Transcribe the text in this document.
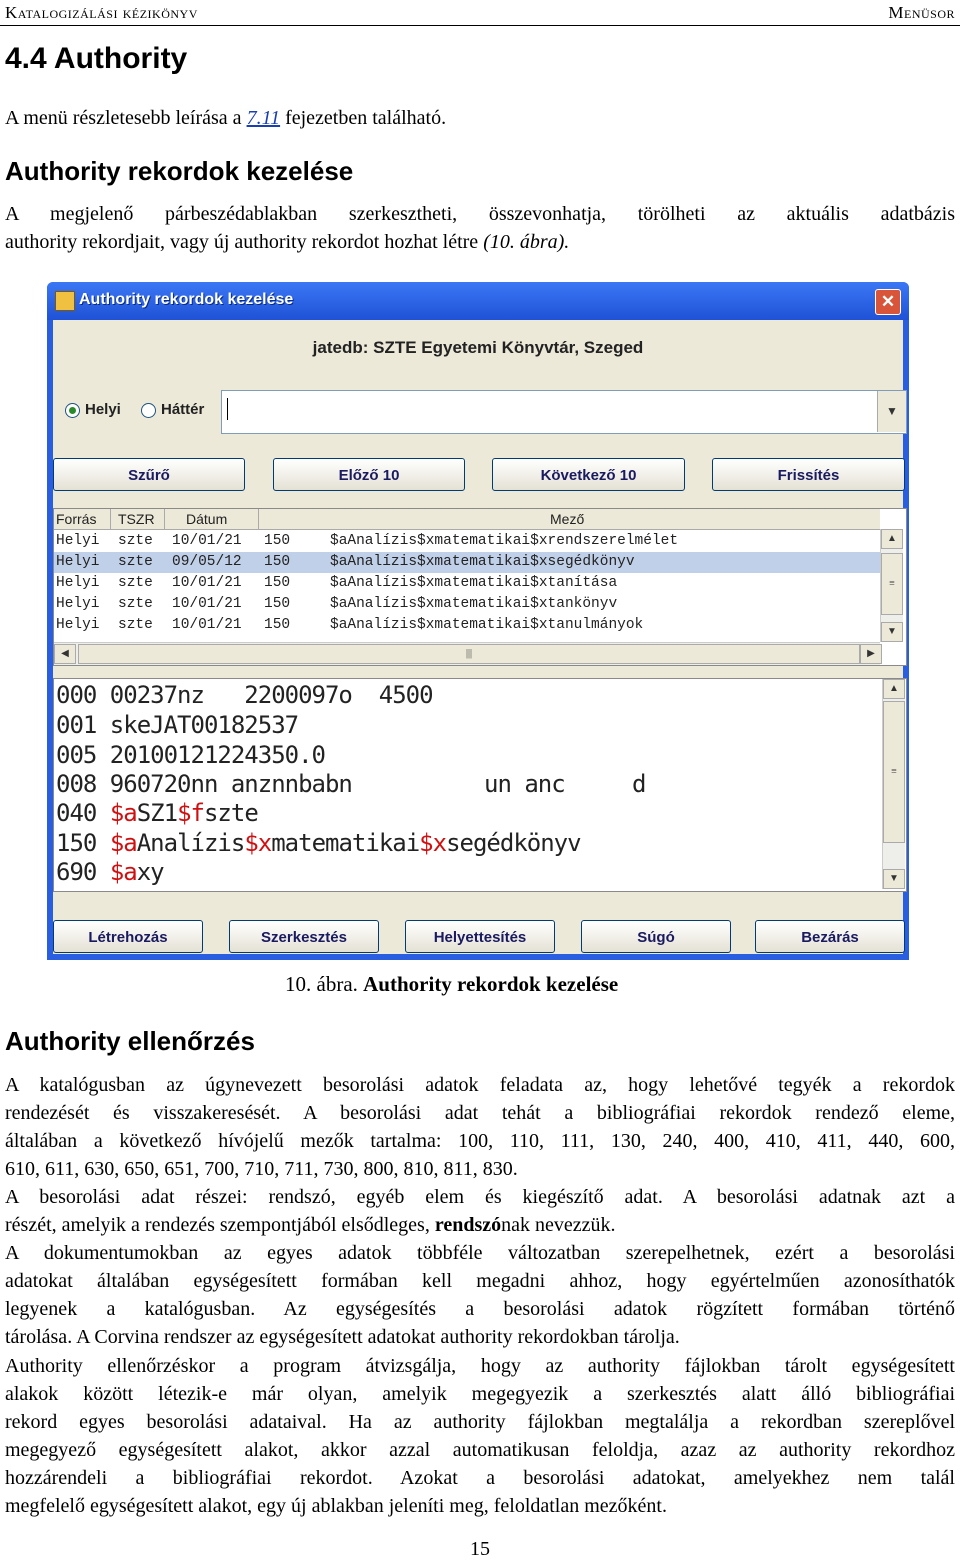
Katalogizálási kézikönyv	Menüsor
4.4 Authority
A menü részletesebb leírása a 7.11 fejezetben található.
Authority rekordok kezelése
A megjelenő párbeszédablakban szerkesztheti, összevonhatja, törölheti az aktuális adatbázis
authority rekordjait, vagy új authority rekordot hozhat létre (10. ábra).
Authority rekordok kezelése	✕
jatedb: SZTE Egyetemi Könyvtár, Szeged
Helyi	Háttér	▼
Szűrő	Előző 10	Következő 10	Frissítés
Forrás TSZR Dátum	Mező
Helyi szte 10/01/21 150	$aAnalízis$xmatematikai$xrendszerelmélet
Helyi szte 09/05/12 150	$aAnalízis$xmatematikai$xsegédkönyv
Helyi szte 10/01/21 150	$aAnalízis$xmatematikai$xtanítása
Helyi szte 10/01/21 150	$aAnalízis$xmatematikai$xtankönyv
Helyi szte 10/01/21 150	$aAnalízis$xmatematikai$xtanulmányok
▲
≡
▼
◀	|||	▶
000 00237nz   2200097o  4500
001 skeJAT00182537
005 20100121224350.0
008 960720nn anznnbabn	un anc	d
040 $aSZ1$fszte
150 $aAnalízis$xmatematikai$xsegédkönyv
690 $axy
▲
≡
▼
Létrehozás	Szerkesztés	Helyettesítés	Súgó	Bezárás
10. ábra. Authority rekordok kezelése
Authority ellenőrzés
A katalógusban az úgynevezett besorolási adatok feladata az, hogy lehetővé tegyék a rekordok
rendezését és visszakeresését. A besorolási adat tehát a bibliográfiai rekordok rendező eleme,
általában a következő hívójelű mezők tartalma: 100, 110, 111, 130, 240, 400, 410, 411, 440, 600,
610, 611, 630, 650, 651, 700, 710, 711, 730, 800, 810, 811, 830.
A besorolási adat részei: rendszó, egyéb elem és kiegészítő adat. A besorolási adatnak azt a
részét, amelyik a rendezés szempontjából elsődleges, rendszónak nevezzük.
A dokumentumokban az egyes adatok többféle változatban szerepelhetnek, ezért a besorolási
adatokat általában egységesített formában kell megadni ahhoz, hogy egyértelműen azonosíthatók
legyenek a katalógusban. Az egységesítés a besorolási adatok rögzített formában történő
tárolása. A Corvina rendszer az egységesített adatokat authority rekordokban tárolja.
Authority ellenőrzéskor a program átvizsgálja, hogy az authority fájlokban tárolt egységesített
alakok között létezik-e már olyan, amelyik megegyezik a szerkesztés alatt álló bibliográfiai
rekord egyes besorolási adataival. Ha az authority fájlokban megtalálja a rekordban szereplővel
megegyező egységesített alakot, akkor azzal automatikusan feloldja, azaz az authority rekordhoz
hozzárendeli a bibliográfiai rekordot. Azokat a besorolási adatokat, amelyekhez nem talál
megfelelő egységesített alakot, egy új ablakban jeleníti meg, feloldatlan mezőként.
15
